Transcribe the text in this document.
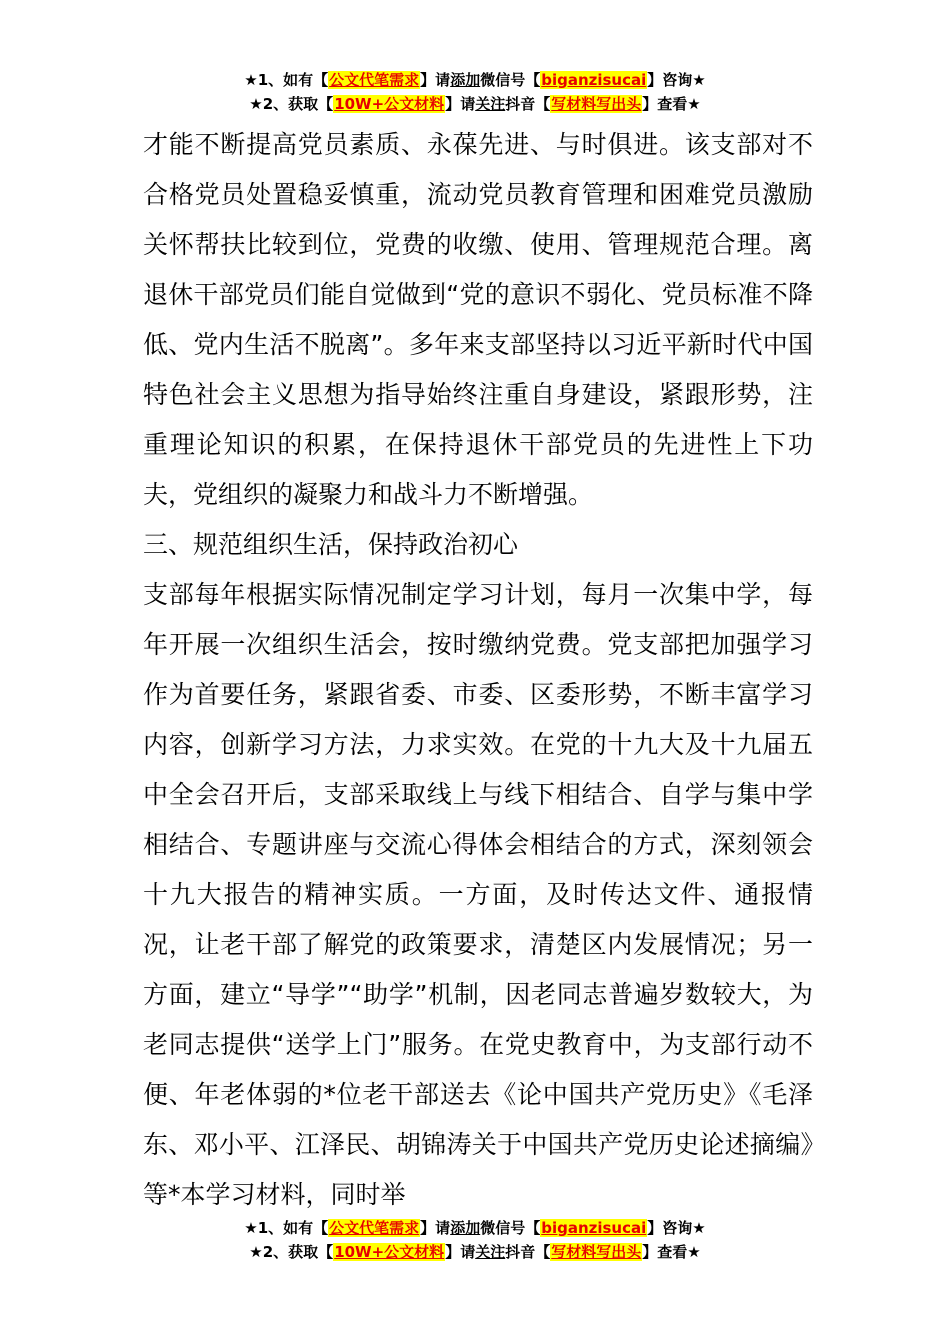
★1、如有【公文代笔需求】请添加微信号【biganzisucai】咨询★
★2、获取【10W+公文材料】请关注抖音【写材料写出头】查看★

才能不断提高党员素质、永葆先进、与时俱进。该支部对不合格党员处置稳妥慎重，流动党员教育管理和困难党员激励关怀帮扶比较到位，党费的收缴、使用、管理规范合理。离退休干部党员们能自觉做到“党的意识不弱化、党员标准不降低、党内生活不脱离”。多年来支部坚持以习近平新时代中国特色社会主义思想为指导始终注重自身建设，紧跟形势，注重理论知识的积累，在保持退休干部党员的先进性上下功夫，党组织的凝聚力和战斗力不断增强。

三、规范组织生活，保持政治初心

支部每年根据实际情况制定学习计划，每月一次集中学，每年开展一次组织生活会，按时缴纳党费。党支部把加强学习作为首要任务，紧跟省委、市委、区委形势，不断丰富学习内容，创新学习方法，力求实效。在党的十九大及十九届五中全会召开后，支部采取线上与线下相结合、自学与集中学相结合、专题讲座与交流心得体会相结合的方式，深刻领会十九大报告的精神实质。一方面，及时传达文件、通报情况，让老干部了解党的政策要求，清楚区内发展情况；另一方面，建立“导学”“助学”机制，因老同志普遍岁数较大，为老同志提供“送学上门”服务。在党史教育中，为支部行动不便、年老体弱的*位老干部送去《论中国共产党历史》《毛泽东、邓小平、江泽民、胡锦涛关于中国共产党历史论述摘编》等*本学习材料，同时举

★1、如有【公文代笔需求】请添加微信号【biganzisucai】咨询★
★2、获取【10W+公文材料】请关注抖音【写材料写出头】查看★
